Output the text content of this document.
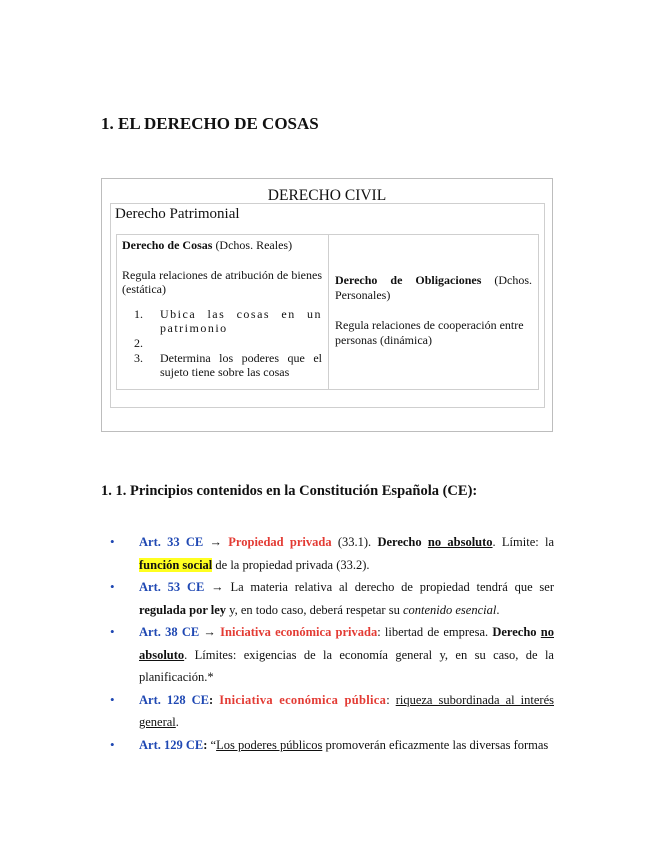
1. EL DERECHO DE COSAS
DERECHO CIVIL
Derecho Patrimonial
Derecho de Cosas (Dchos. Reales)
Regula relaciones de atribución de bienes (estática)
1. Ubica las cosas en un patrimonio
2.
3. Determina los poderes que el sujeto tiene sobre las cosas
Derecho de Obligaciones (Dchos. Personales)
Regula relaciones de cooperación entre personas (dinámica)
1. 1. Principios contenidos en la Constitución Española (CE):
• Art. 33 CE → Propiedad privada (33.1). Derecho no absoluto. Límite: la función social de la propiedad privada (33.2).
• Art. 53 CE → La materia relativa al derecho de propiedad tendrá que ser regulada por ley y, en todo caso, deberá respetar su contenido esencial.
• Art. 38 CE → Iniciativa económica privada: libertad de empresa. Derecho no absoluto. Límites: exigencias de la economía general y, en su caso, de la planificación.*
• Art. 128 CE: Iniciativa económica pública: riqueza subordinada al interés general.
• Art. 129 CE: “Los poderes públicos promoverán eficazmente las diversas formas
